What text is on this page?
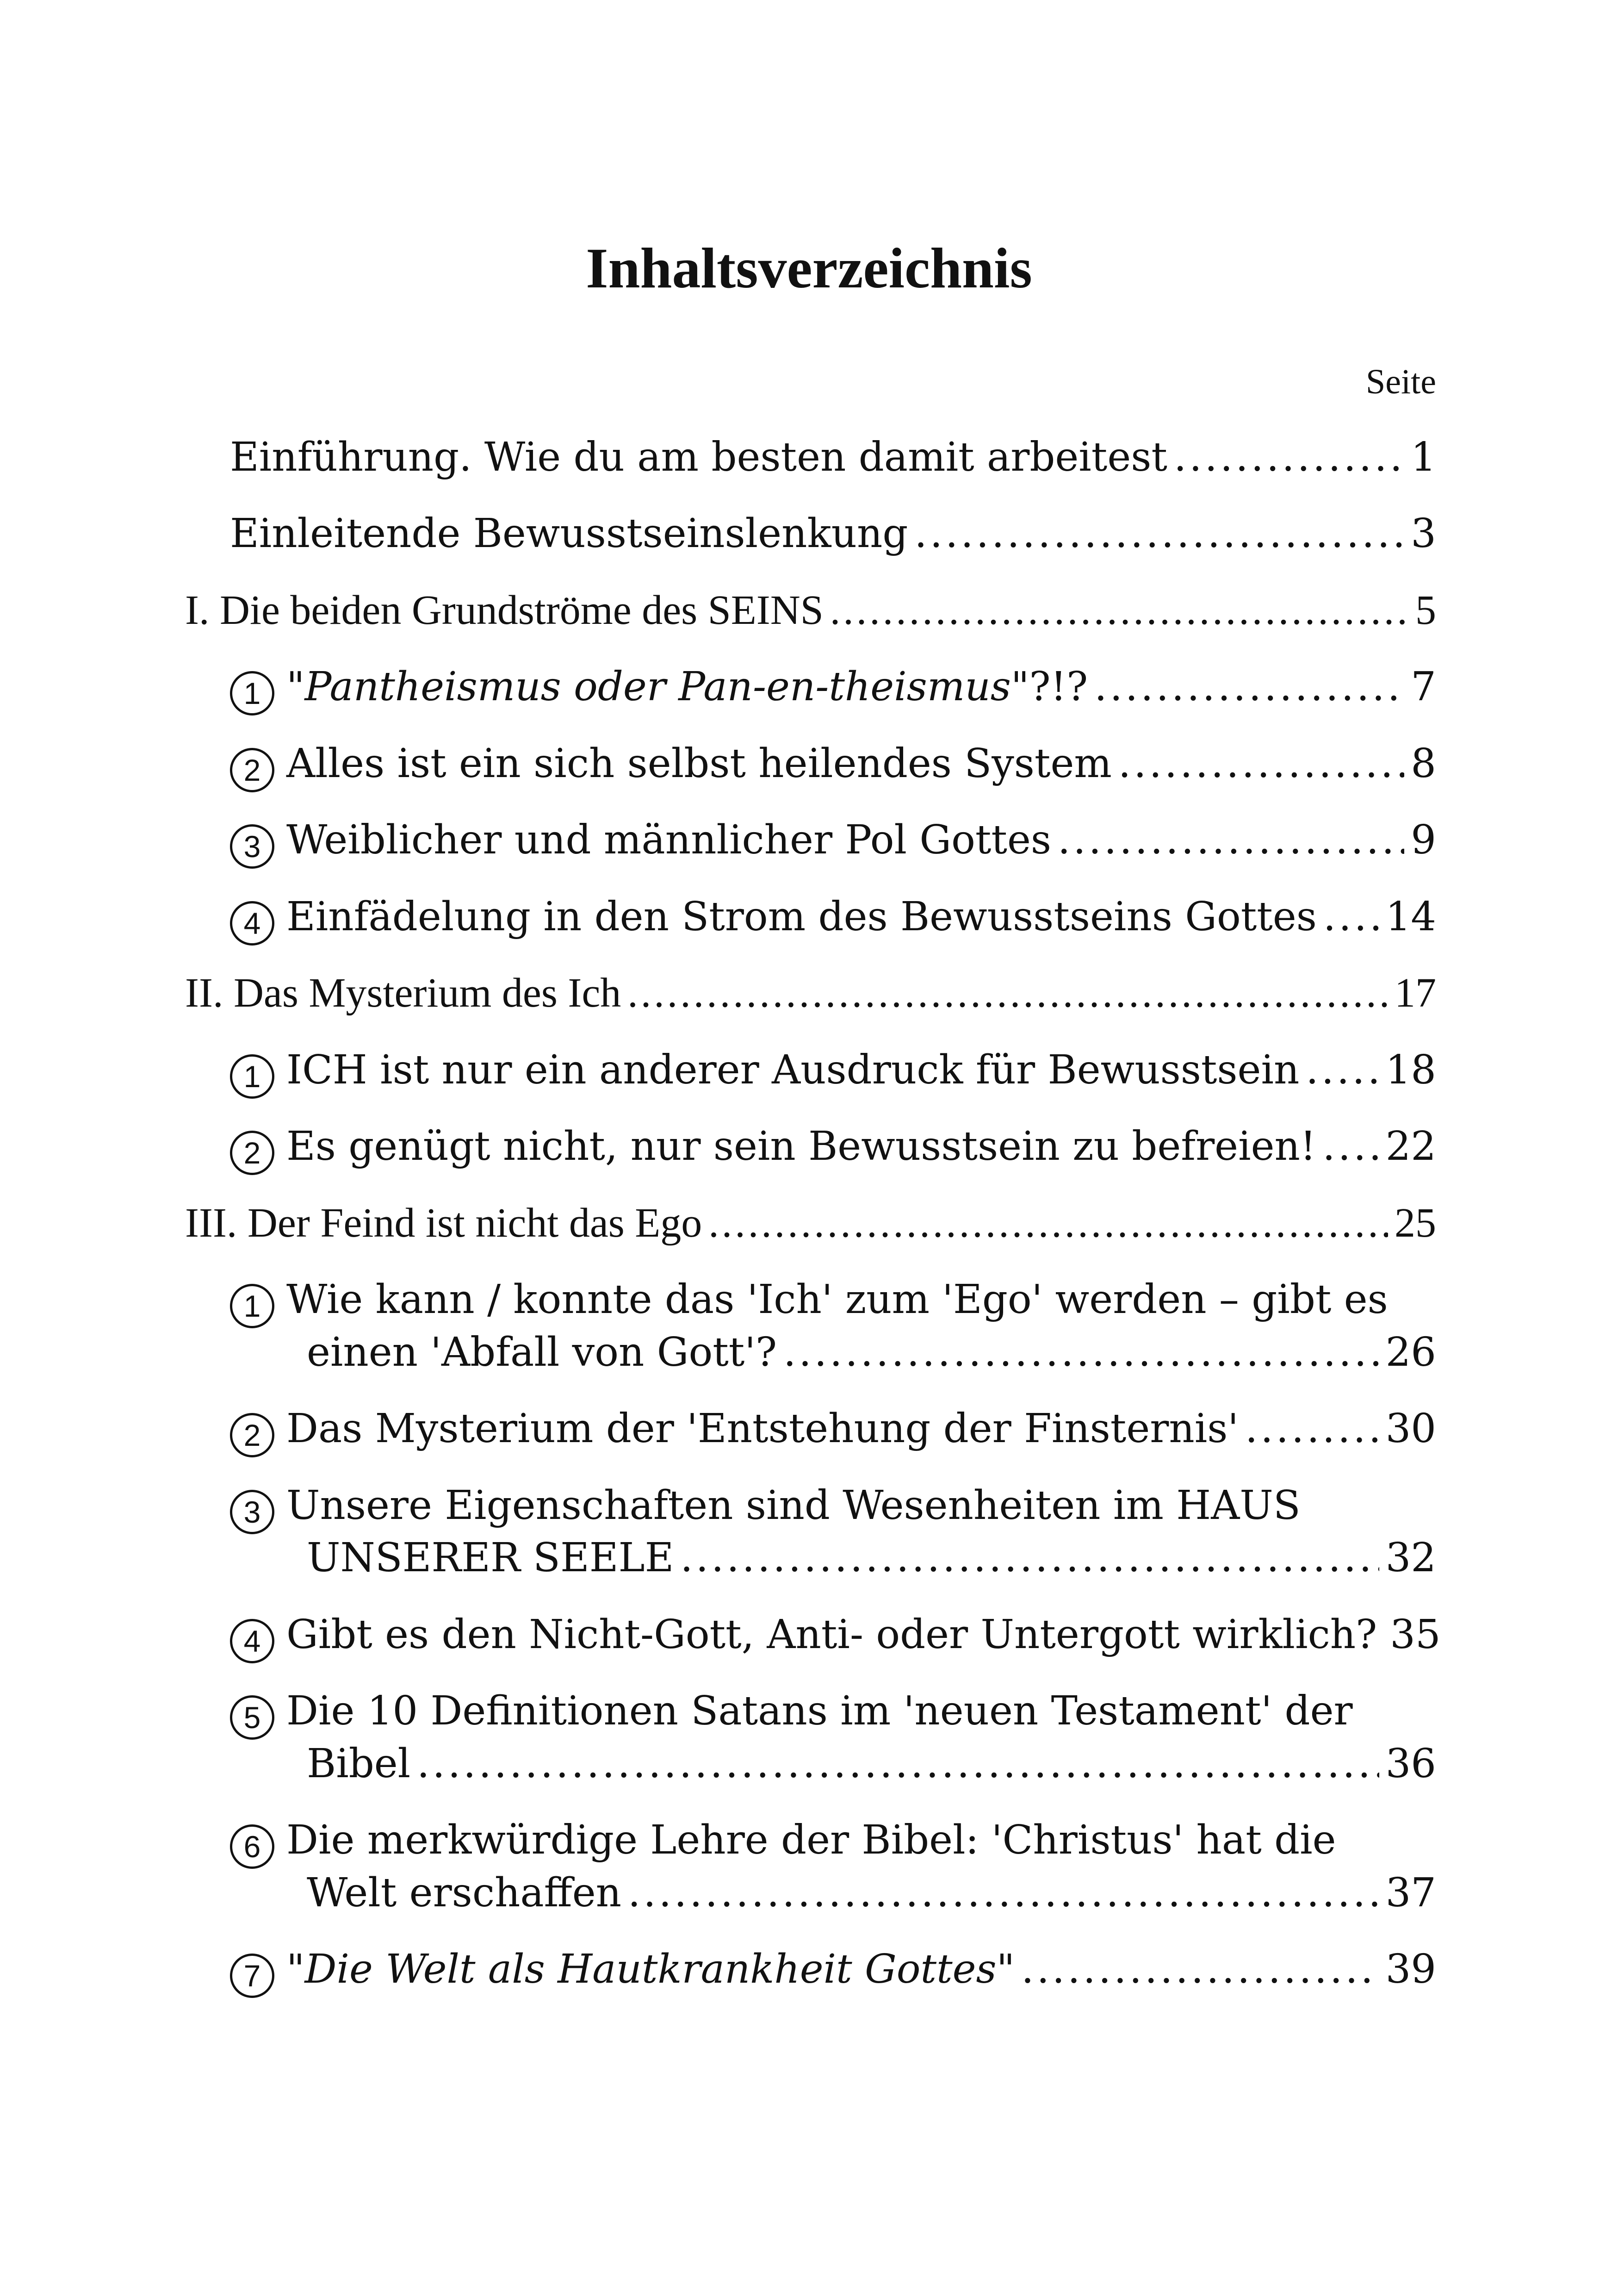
Inhaltsverzeichnis
Seite
Einführung. Wie du am besten damit arbeitest .....	1
Einleitende Bewusstseinslenkung .....	3
I. Die beiden Grundströme des SEINS .....	5
1 "Pantheismus oder Pan-en-theismus"?!? .....	7
2 Alles ist ein sich selbst heilendes System .....	8
3 Weiblicher und männlicher Pol Gottes .....	9
4 Einfädelung in den Strom des Bewusstseins Gottes ..... 14
II. Das Mysterium des Ich .....	17
1 ICH ist nur ein anderer Ausdruck für Bewusstsein ..... 18
2 Es genügt nicht, nur sein Bewusstsein zu befreien! ..... 22
III. Der Feind ist nicht das Ego .....	25
1 Wie kann / konnte das 'Ich' zum 'Ego' werden – gibt es
einen 'Abfall von Gott'? .....	26
2 Das Mysterium der 'Entstehung der Finsternis' .....	30
3 Unsere Eigenschaften sind Wesenheiten im HAUS
UNSERER SEELE .....	32
4 Gibt es den Nicht-Gott, Anti- oder Untergott wirklich? 35
5 Die 10 Definitionen Satans im 'neuen Testament' der
Bibel .....	36
6 Die merkwürdige Lehre der Bibel: 'Christus' hat die
Welt erschaffen .....	37
7 "Die Welt als Hautkrankheit Gottes" .....	39
